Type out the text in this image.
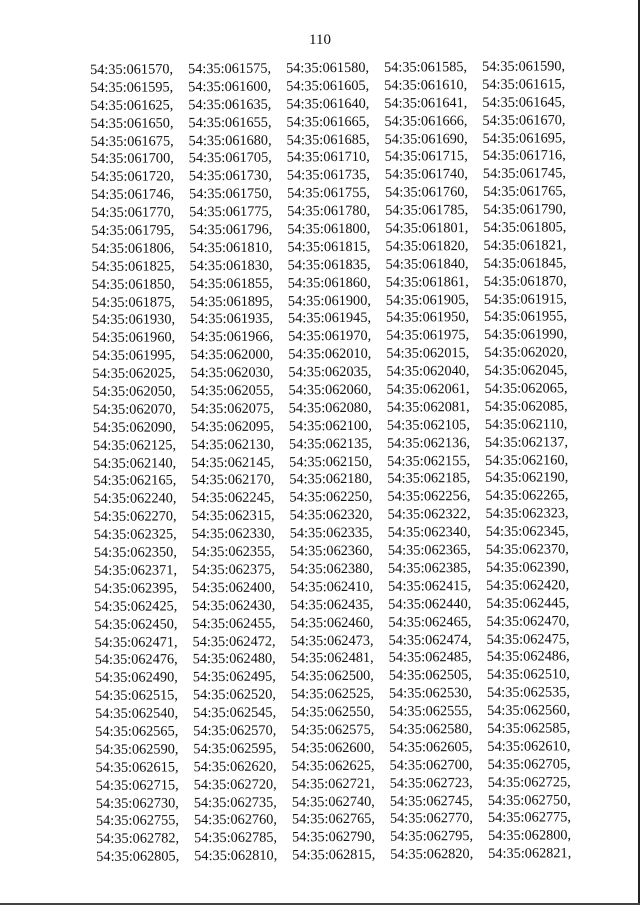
110
54:35:061570,	54:35:061575,	54:35:061580,	54:35:061585,	54:35:061590,
54:35:061595,	54:35:061600,	54:35:061605,	54:35:061610,	54:35:061615,
54:35:061625,	54:35:061635,	54:35:061640,	54:35:061641,	54:35:061645,
54:35:061650,	54:35:061655,	54:35:061665,	54:35:061666,	54:35:061670,
54:35:061675,	54:35:061680,	54:35:061685,	54:35:061690,	54:35:061695,
54:35:061700,	54:35:061705,	54:35:061710,	54:35:061715,	54:35:061716,
54:35:061720,	54:35:061730,	54:35:061735,	54:35:061740,	54:35:061745,
54:35:061746,	54:35:061750,	54:35:061755,	54:35:061760,	54:35:061765,
54:35:061770,	54:35:061775,	54:35:061780,	54:35:061785,	54:35:061790,
54:35:061795,	54:35:061796,	54:35:061800,	54:35:061801,	54:35:061805,
54:35:061806,	54:35:061810,	54:35:061815,	54:35:061820,	54:35:061821,
54:35:061825,	54:35:061830,	54:35:061835,	54:35:061840,	54:35:061845,
54:35:061850,	54:35:061855,	54:35:061860,	54:35:061861,	54:35:061870,
54:35:061875,	54:35:061895,	54:35:061900,	54:35:061905,	54:35:061915,
54:35:061930,	54:35:061935,	54:35:061945,	54:35:061950,	54:35:061955,
54:35:061960,	54:35:061966,	54:35:061970,	54:35:061975,	54:35:061990,
54:35:061995,	54:35:062000,	54:35:062010,	54:35:062015,	54:35:062020,
54:35:062025,	54:35:062030,	54:35:062035,	54:35:062040,	54:35:062045,
54:35:062050,	54:35:062055,	54:35:062060,	54:35:062061,	54:35:062065,
54:35:062070,	54:35:062075,	54:35:062080,	54:35:062081,	54:35:062085,
54:35:062090,	54:35:062095,	54:35:062100,	54:35:062105,	54:35:062110,
54:35:062125,	54:35:062130,	54:35:062135,	54:35:062136,	54:35:062137,
54:35:062140,	54:35:062145,	54:35:062150,	54:35:062155,	54:35:062160,
54:35:062165,	54:35:062170,	54:35:062180,	54:35:062185,	54:35:062190,
54:35:062240,	54:35:062245,	54:35:062250,	54:35:062256,	54:35:062265,
54:35:062270,	54:35:062315,	54:35:062320,	54:35:062322,	54:35:062323,
54:35:062325,	54:35:062330,	54:35:062335,	54:35:062340,	54:35:062345,
54:35:062350,	54:35:062355,	54:35:062360,	54:35:062365,	54:35:062370,
54:35:062371,	54:35:062375,	54:35:062380,	54:35:062385,	54:35:062390,
54:35:062395,	54:35:062400,	54:35:062410,	54:35:062415,	54:35:062420,
54:35:062425,	54:35:062430,	54:35:062435,	54:35:062440,	54:35:062445,
54:35:062450,	54:35:062455,	54:35:062460,	54:35:062465,	54:35:062470,
54:35:062471,	54:35:062472,	54:35:062473,	54:35:062474,	54:35:062475,
54:35:062476,	54:35:062480,	54:35:062481,	54:35:062485,	54:35:062486,
54:35:062490,	54:35:062495,	54:35:062500,	54:35:062505,	54:35:062510,
54:35:062515,	54:35:062520,	54:35:062525,	54:35:062530,	54:35:062535,
54:35:062540,	54:35:062545,	54:35:062550,	54:35:062555,	54:35:062560,
54:35:062565,	54:35:062570,	54:35:062575,	54:35:062580,	54:35:062585,
54:35:062590,	54:35:062595,	54:35:062600,	54:35:062605,	54:35:062610,
54:35:062615,	54:35:062620,	54:35:062625,	54:35:062700,	54:35:062705,
54:35:062715,	54:35:062720,	54:35:062721,	54:35:062723,	54:35:062725,
54:35:062730,	54:35:062735,	54:35:062740,	54:35:062745,	54:35:062750,
54:35:062755,	54:35:062760,	54:35:062765,	54:35:062770,	54:35:062775,
54:35:062782,	54:35:062785,	54:35:062790,	54:35:062795,	54:35:062800,
54:35:062805,	54:35:062810,	54:35:062815,	54:35:062820,	54:35:062821,
